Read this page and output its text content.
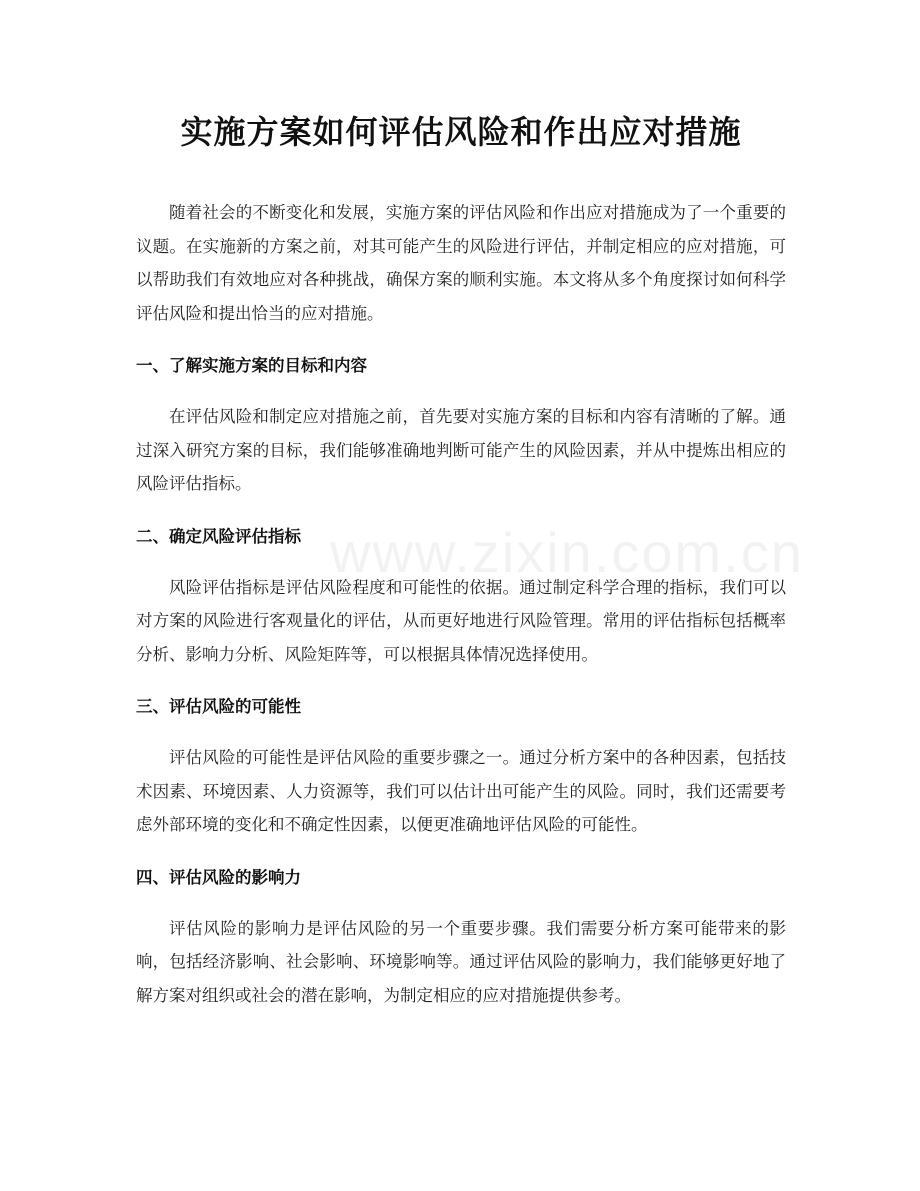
实施方案如何评估风险和作出应对措施

随着社会的不断变化和发展，实施方案的评估风险和作出应对措施成为了一个重要的议题。在实施新的方案之前，对其可能产生的风险进行评估，并制定相应的应对措施，可以帮助我们有效地应对各种挑战，确保方案的顺利实施。本文将从多个角度探讨如何科学评估风险和提出恰当的应对措施。

一、了解实施方案的目标和内容

在评估风险和制定应对措施之前，首先要对实施方案的目标和内容有清晰的了解。通过深入研究方案的目标，我们能够准确地判断可能产生的风险因素，并从中提炼出相应的风险评估指标。

二、确定风险评估指标

风险评估指标是评估风险程度和可能性的依据。通过制定科学合理的指标，我们可以对方案的风险进行客观量化的评估，从而更好地进行风险管理。常用的评估指标包括概率分析、影响力分析、风险矩阵等，可以根据具体情况选择使用。

三、评估风险的可能性

评估风险的可能性是评估风险的重要步骤之一。通过分析方案中的各种因素，包括技术因素、环境因素、人力资源等，我们可以估计出可能产生的风险。同时，我们还需要考虑外部环境的变化和不确定性因素，以便更准确地评估风险的可能性。

四、评估风险的影响力

评估风险的影响力是评估风险的另一个重要步骤。我们需要分析方案可能带来的影响，包括经济影响、社会影响、环境影响等。通过评估风险的影响力，我们能够更好地了解方案对组织或社会的潜在影响，为制定相应的应对措施提供参考。

www.zixin.com.cn
